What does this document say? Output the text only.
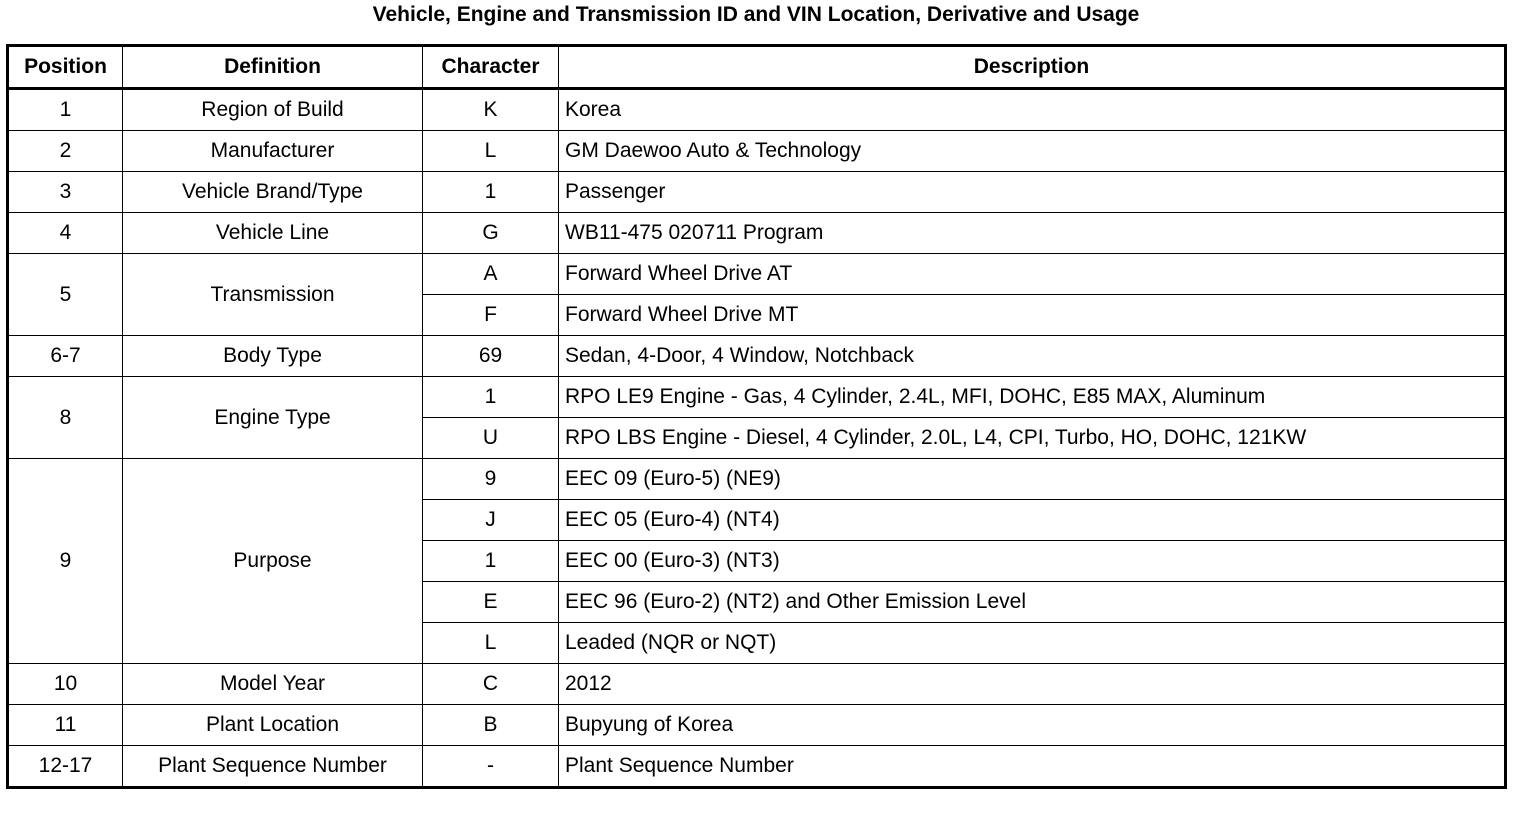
Vehicle, Engine and Transmission ID and VIN Location, Derivative and Usage
Position	Definition	Character	Description
1	Region of Build	K	Korea
2	Manufacturer	L	GM Daewoo Auto & Technology
3	Vehicle Brand/Type	1	Passenger
4	Vehicle Line	G	WB11-475 020711 Program
5	Transmission	A	Forward Wheel Drive AT
		F	Forward Wheel Drive MT
6-7	Body Type	69	Sedan, 4-Door, 4 Window, Notchback
8	Engine Type	1	RPO LE9 Engine - Gas, 4 Cylinder, 2.4L, MFI, DOHC, E85 MAX, Aluminum
		U	RPO LBS Engine - Diesel, 4 Cylinder, 2.0L, L4, CPI, Turbo, HO, DOHC, 121KW
9	Purpose	9	EEC 09 (Euro-5) (NE9)
		J	EEC 05 (Euro-4) (NT4)
		1	EEC 00 (Euro-3) (NT3)
		E	EEC 96 (Euro-2) (NT2) and Other Emission Level
		L	Leaded (NQR or NQT)
10	Model Year	C	2012
11	Plant Location	B	Bupyung of Korea
12-17	Plant Sequence Number	-	Plant Sequence Number
